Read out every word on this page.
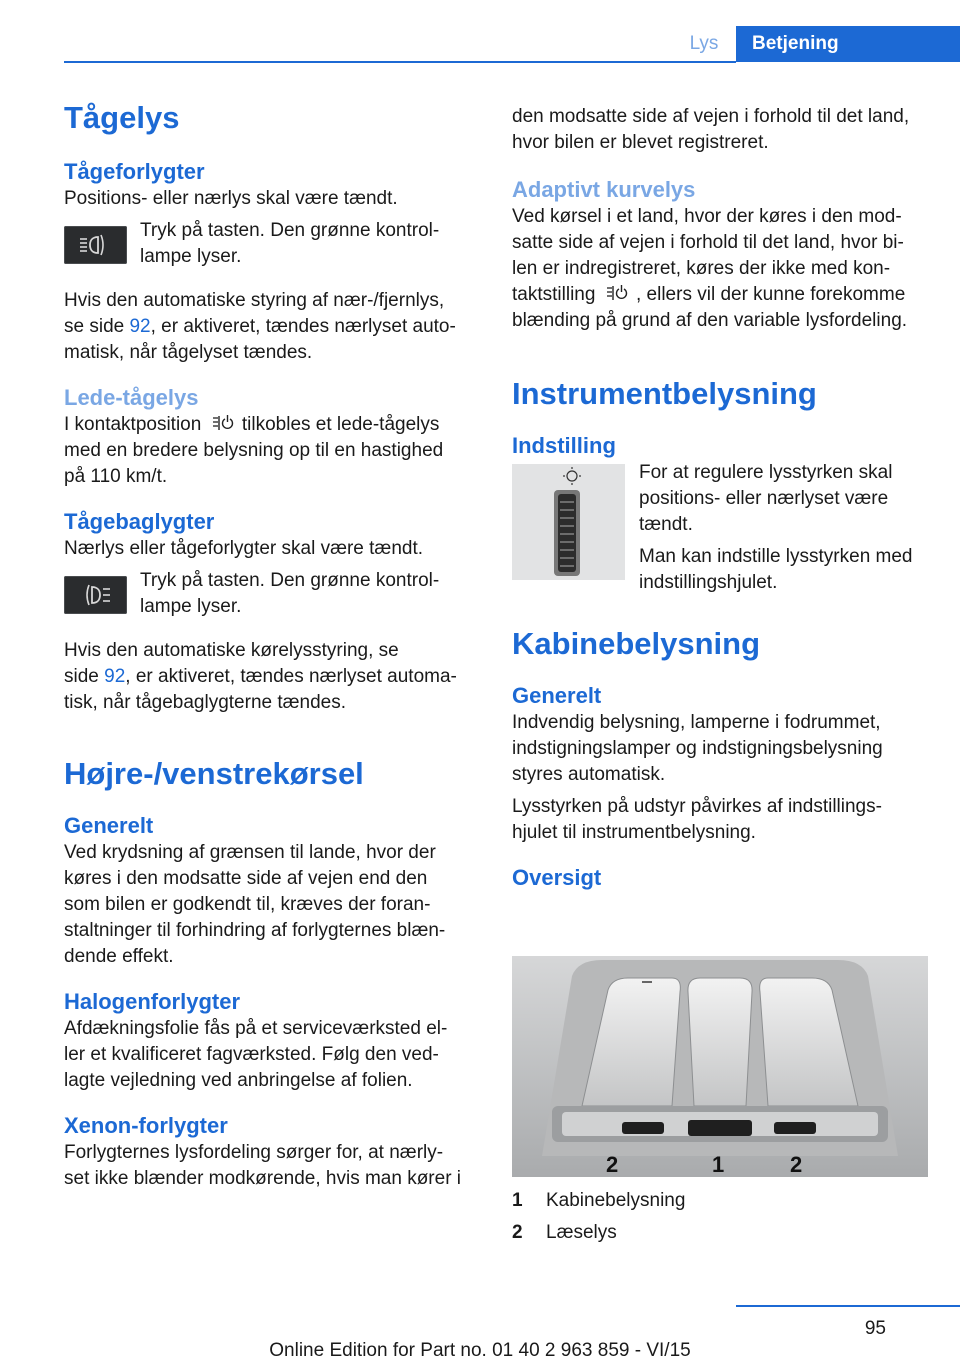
Lys	Betjening
Tågelys
Tågeforlygter

Positions- eller nærlys skal være tændt.

Tryk på tasten. Den grønne kontrol-

lampe lyser.

Hvis den automatiske styring af nær-/fjernlys,

se side 92, er aktiveret, tændes nærlyset auto-

matisk, når tågelyset tændes.

Lede-tågelys

I kontaktposition tilkobles et lede-tågelys

med en bredere belysning op til en hastighed

på 110 km/t.

Tågebaglygter

Nærlys eller tågeforlygter skal være tændt.

Tryk på tasten. Den grønne kontrol-

lampe lyser.

Hvis den automatiske kørelysstyring, se

side 92, er aktiveret, tændes nærlyset automa-

tisk, når tågebaglygterne tændes.

Højre-/venstrekørsel
Generelt

Ved krydsning af grænsen til lande, hvor der

køres i den modsatte side af vejen end den

som bilen er godkendt til, kræves der foran-

staltninger til forhindring af forlygternes blæn-

dende effekt.

Halogenforlygter

Afdækningsfolie fås på et serviceværksted el-

ler et kvalificeret fagværksted. Følg den ved-

lagte vejledning ved anbringelse af folien.

Xenon-forlygter

Forlygternes lysfordeling sørger for, at nærly-

set ikke blænder modkørende, hvis man kører i

den modsatte side af vejen i forhold til det land,

hvor bilen er blevet registreret.

Adaptivt kurvelys

Ved kørsel i et land, hvor der køres i den mod-

satte side af vejen i forhold til det land, hvor bi-

len er indregistreret, køres der ikke med kon-

taktstilling , ellers vil der kunne forekomme

blænding på grund af den variable lysfordeling.

Instrumentbelysning
Indstilling

For at regulere lysstyrken skal

positions- eller nærlyset være

tændt.

Man kan indstille lysstyrken med

indstillingshjulet.

Kabinebelysning
Generelt

Indvendig belysning, lamperne i fodrummet,

indstigningslamper og indstigningsbelysning

styres automatisk.

Lysstyrken på udstyr påvirkes af indstillings-

hjulet til instrumentbelysning.

Oversigt
2	1	2
1 Kabinebelysning
2 Læselys
95
Online Edition for Part no. 01 40 2 963 859 - VI/15
